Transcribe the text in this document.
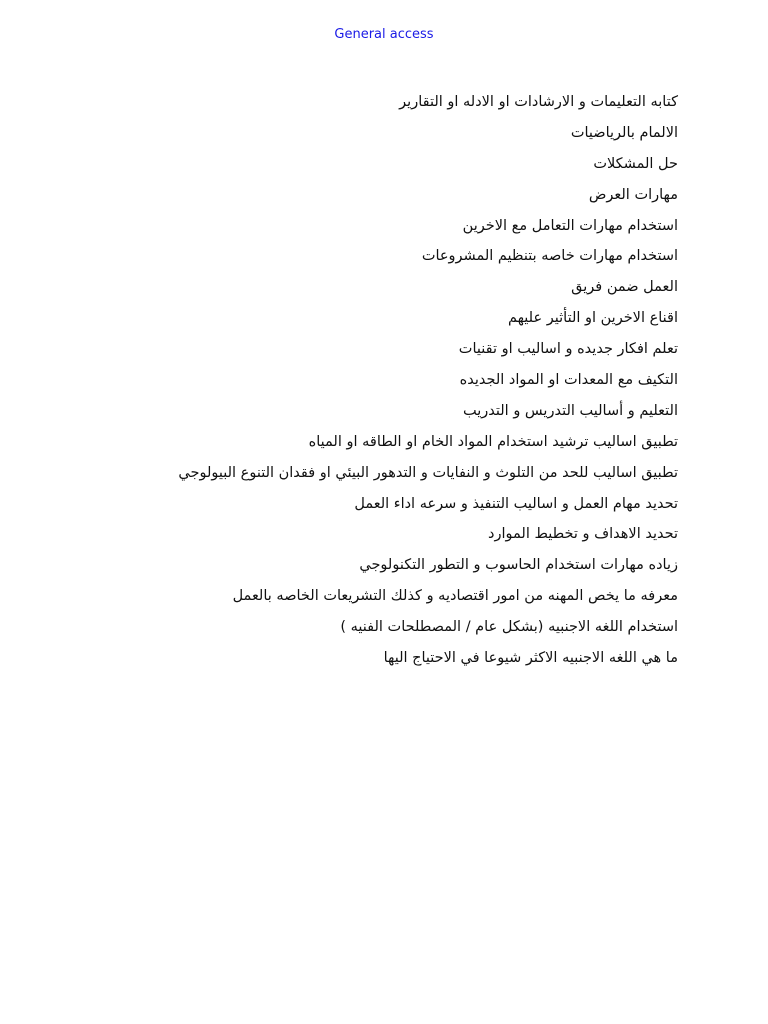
General access
كتابه التعليمات و الارشادات او الادله او التقارير
الالمام بالرياضيات
حل المشكلات
مهارات العرض
استخدام مهارات التعامل مع الاخرين
استخدام مهارات خاصه بتنظيم المشروعات
العمل ضمن فريق
اقناع الاخرين او التأثير عليهم
تعلم افكار جديده و اساليب او تقنيات
التكيف مع المعدات او المواد الجديده
التعليم و أساليب التدريس و التدريب
تطبيق اساليب ترشيد استخدام المواد الخام او الطاقه او المياه
تطبيق اساليب للحد من التلوث و النفايات و التدهور البيئي او فقدان التنوع البيولوجي
تحديد مهام العمل و اساليب التنفيذ و سرعه اداء العمل
تحديد الاهداف و تخطيط الموارد
زياده مهارات استخدام الحاسوب و التطور التكنولوجي
معرفه ما يخص المهنه من امور اقتصاديه و كذلك التشريعات الخاصه بالعمل
استخدام اللغه الاجنبيه (بشكل عام / المصطلحات الفنيه )
ما هي اللغه الاجنبيه الاكثر شيوعا في الاحتياج اليها
